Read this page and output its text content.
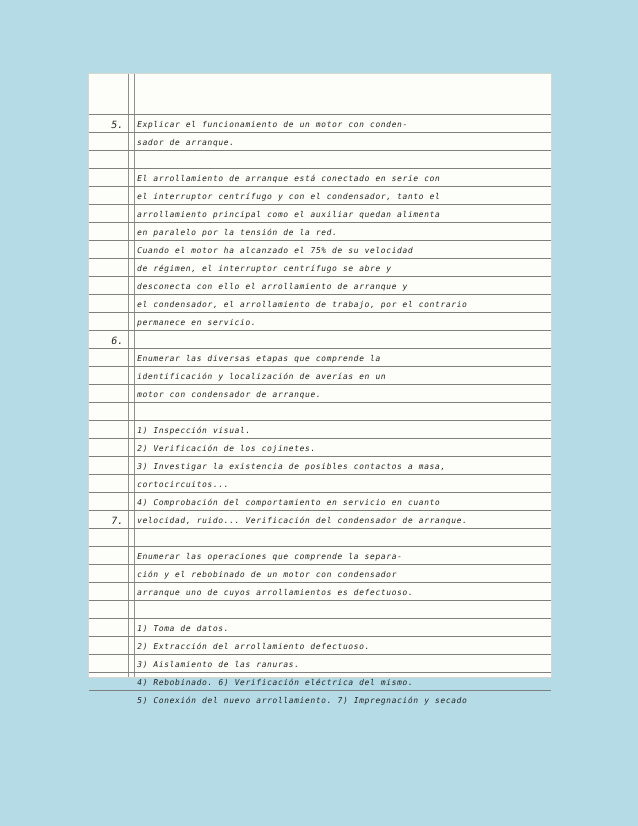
5.
6.
7.
Explicar el funcionamiento de un motor con conden-
sador de arranque.
El arrollamiento de arranque está conectado en serie con
el interruptor centrífugo y con el condensador, tanto el
arrollamiento principal como el auxiliar quedan alimenta
en paralelo por la tensión de la red.
Cuando el motor ha alcanzado el 75% de su velocidad
de régimen, el interruptor centrífugo se abre y
desconecta con ello el arrollamiento de arranque y
el condensador, el arrollamiento de trabajo, por el contrario
permanece en servicio.
Enumerar las diversas etapas que comprende la
identificación y localización de averías en un
motor con condensador de arranque.
1) Inspección visual.
2) Verificación de los cojinetes.
3) Investigar la existencia de posibles contactos a masa,
cortocircuitos...
4) Comprobación del comportamiento en servicio en cuanto
velocidad, ruido... Verificación del condensador de arranque.
Enumerar las operaciones que comprende la separa-
ción y el rebobinado de un motor con condensador
arranque uno de cuyos arrollamientos es defectuoso.
1) Toma de datos.
2) Extracción del arrollamiento defectuoso.
3) Aislamiento de las ranuras.
4) Rebobinado. 6) Verificación eléctrica del mismo.
5) Conexión del nuevo arrollamiento. 7) Impregnación y secado
